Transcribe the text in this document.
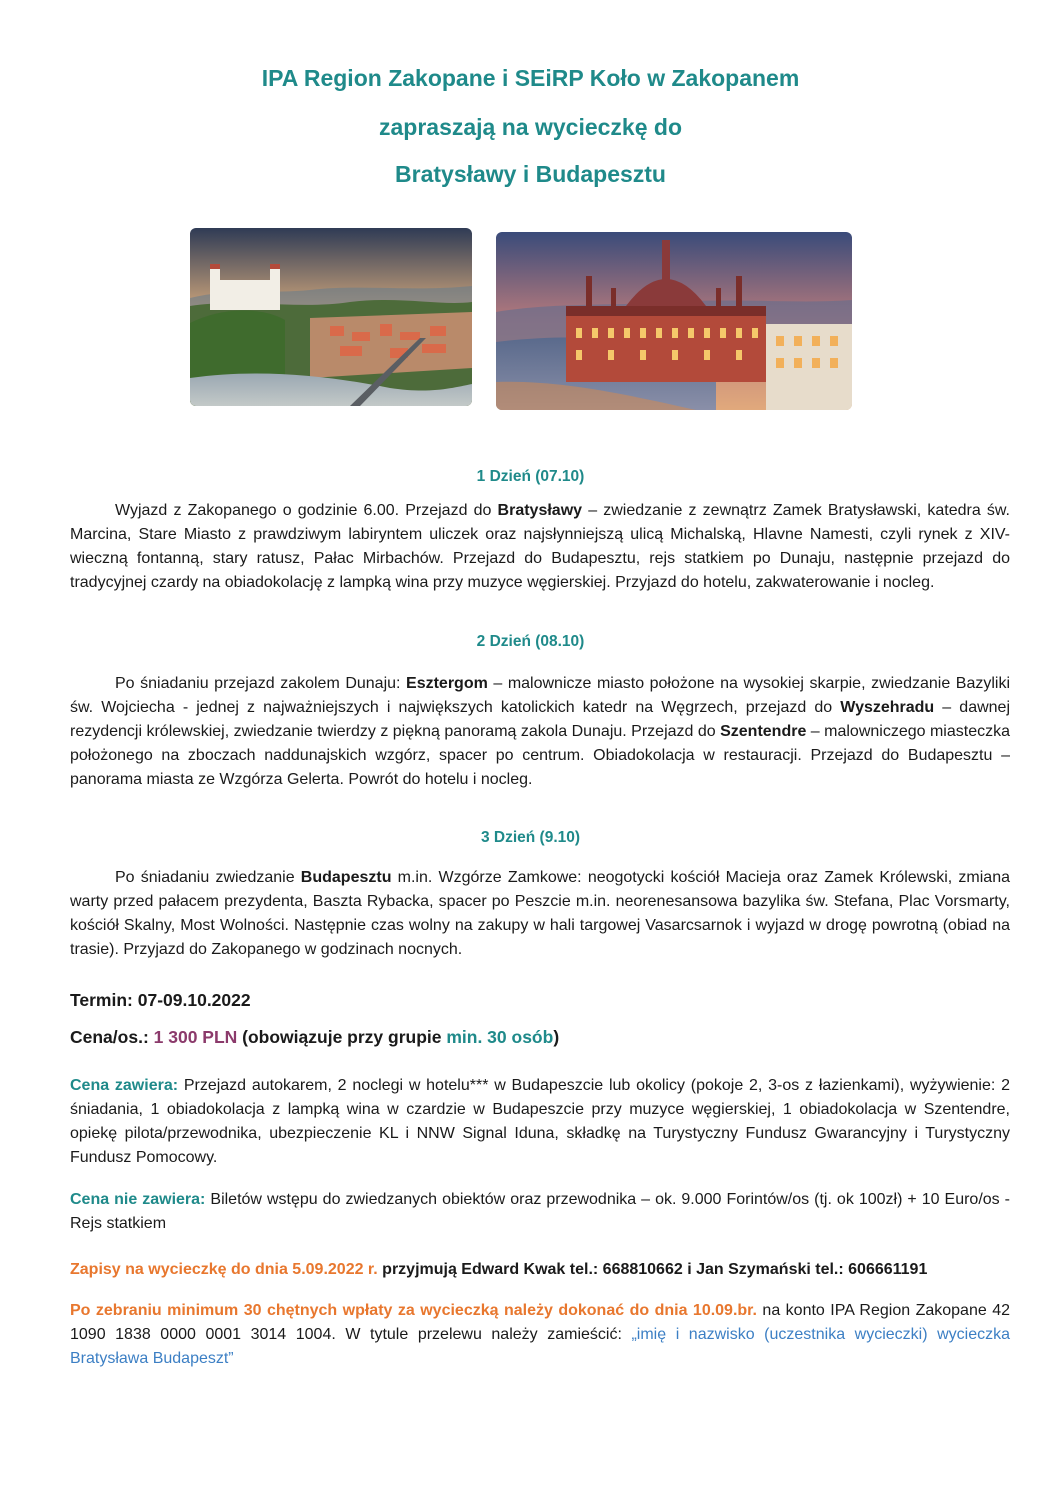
IPA Region Zakopane i SEiRP Koło w Zakopanem
zapraszają na wycieczkę do
Bratysławy i Budapesztu
1 Dzień (07.10)
Wyjazd z Zakopanego o godzinie 6.00. Przejazd do Bratysławy – zwiedzanie z zewnątrz Zamek Bratysławski, katedra św. Marcina, Stare Miasto z prawdziwym labiryntem uliczek oraz najsłynniejszą ulicą Michalską, Hlavne Namesti, czyli rynek z XIV-wieczną fontanną, stary ratusz, Pałac Mirbachów. Przejazd do Budapesztu, rejs statkiem po Dunaju, następnie przejazd do tradycyjnej czardy na obiadokolację z lampką wina przy muzyce węgierskiej. Przyjazd do hotelu, zakwaterowanie i nocleg.
2 Dzień (08.10)
Po śniadaniu przejazd zakolem Dunaju: Esztergom – malownicze miasto położone na wysokiej skarpie, zwiedzanie Bazyliki św. Wojciecha - jednej z najważniejszych i największych katolickich katedr na Węgrzech, przejazd do Wyszehradu – dawnej rezydencji królewskiej, zwiedzanie twierdzy z piękną panoramą zakola Dunaju. Przejazd do Szentendre – malowniczego miasteczka położonego na zboczach naddunajskich wzgórz, spacer po centrum. Obiadokolacja w restauracji. Przejazd do Budapesztu – panorama miasta ze Wzgórza Gelerta. Powrót do hotelu i nocleg.
3 Dzień (9.10)
Po śniadaniu zwiedzanie Budapesztu m.in. Wzgórze Zamkowe: neogotycki kościół Macieja oraz Zamek Królewski, zmiana warty przed pałacem prezydenta, Baszta Rybacka, spacer po Peszcie m.in. neorenesansowa bazylika św. Stefana, Plac Vorsmarty, kościół Skalny, Most Wolności. Następnie czas wolny na zakupy w hali targowej Vasarcsarnok i wyjazd w drogę powrotną (obiad na trasie). Przyjazd do Zakopanego w godzinach nocnych.
Termin: 07-09.10.2022
Cena/os.: 1 300 PLN (obowiązuje przy grupie min. 30 osób)
Cena zawiera: Przejazd autokarem, 2 noclegi w hotelu*** w Budapeszcie lub okolicy (pokoje 2, 3-os z łazienkami), wyżywienie: 2 śniadania, 1 obiadokolacja z lampką wina w czardzie w Budapeszcie przy muzyce węgierskiej, 1 obiadokolacja w Szentendre, opiekę pilota/przewodnika, ubezpieczenie KL i NNW Signal Iduna, składkę na Turystyczny Fundusz Gwarancyjny i Turystyczny Fundusz Pomocowy.
Cena nie zawiera: Biletów wstępu do zwiedzanych obiektów oraz przewodnika – ok. 9.000 Forintów/os (tj. ok 100zł) + 10 Euro/os - Rejs statkiem
Zapisy na wycieczkę do dnia 5.09.2022 r. przyjmują Edward Kwak tel.: 668810662 i Jan Szymański tel.: 606661191
Po zebraniu minimum 30 chętnych wpłaty za wycieczką należy dokonać do dnia 10.09.br. na konto IPA Region Zakopane 42 1090 1838 0000 0001 3014 1004. W tytule przelewu należy zamieścić: „imię i nazwisko (uczestnika wycieczki) wycieczka Bratysława Budapeszt”
